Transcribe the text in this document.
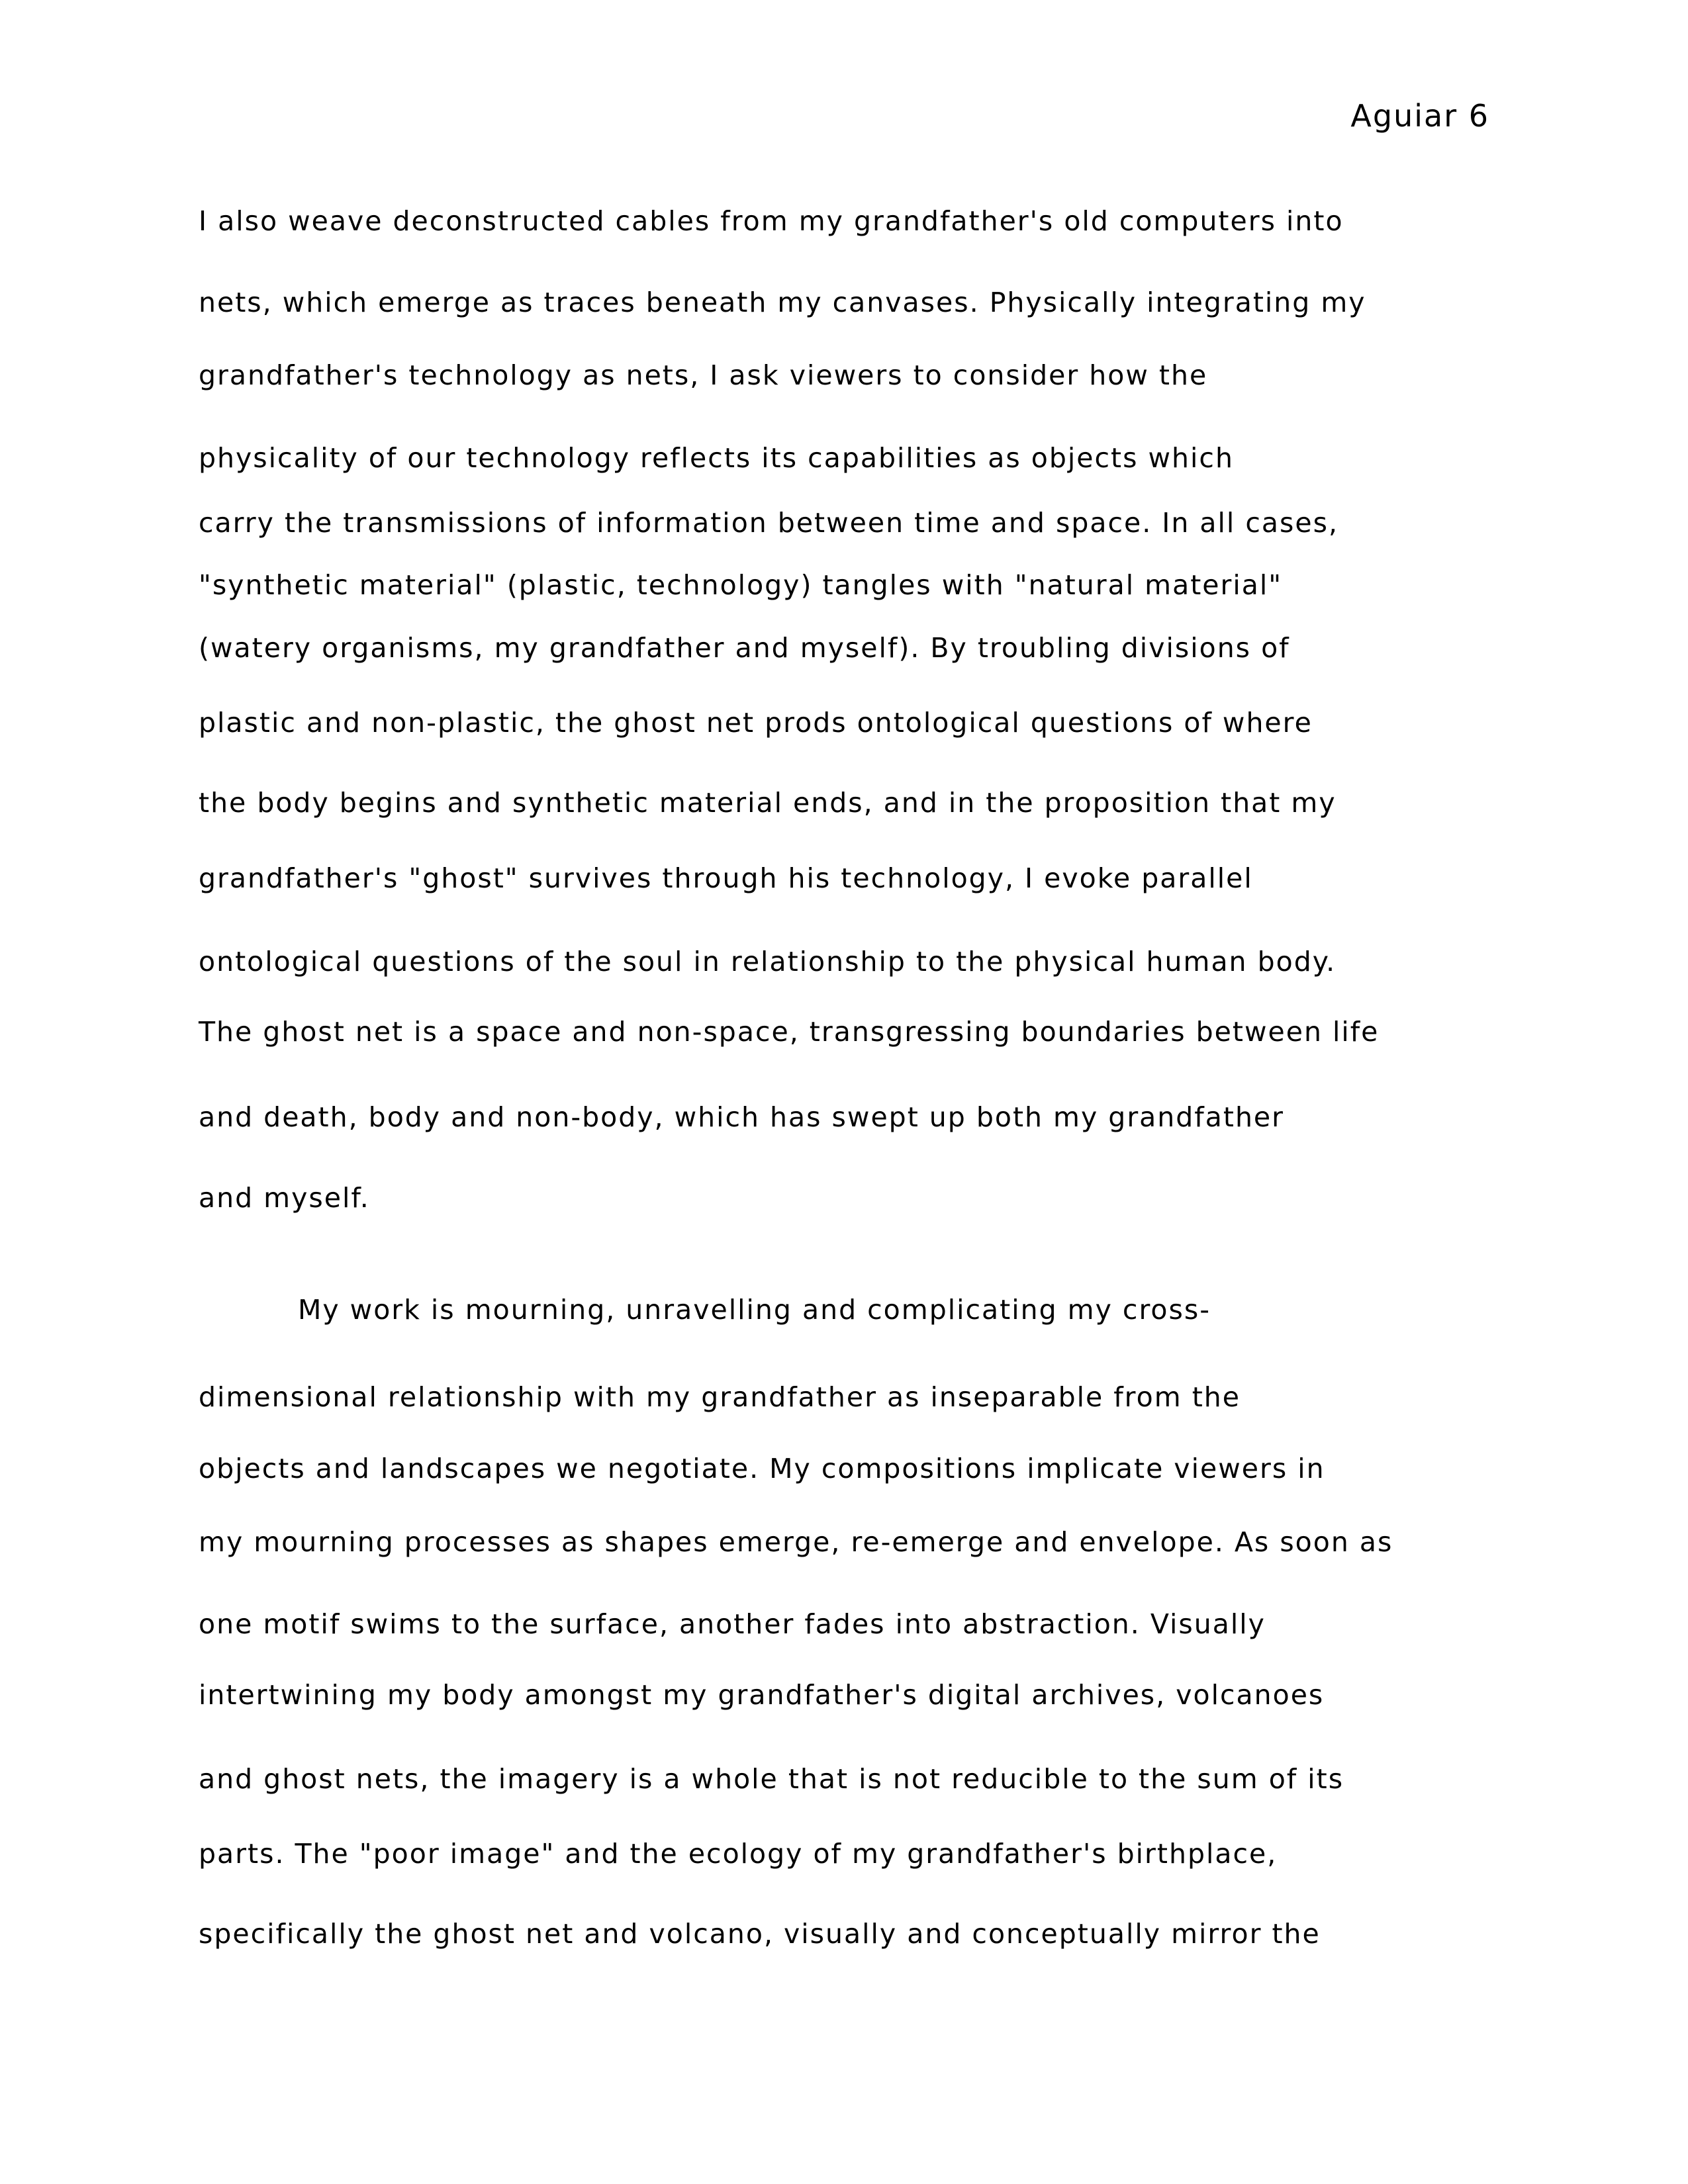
Aguiar 6
I also weave deconstructed cables from my grandfather's old computers into
nets, which emerge as traces beneath my canvases. Physically integrating my
grandfather's technology as nets, I ask viewers to consider how the
physicality of our technology reflects its capabilities as objects which
carry the transmissions of information between time and space. In all cases,
"synthetic material" (plastic, technology) tangles with "natural material"
(watery organisms, my grandfather and myself). By troubling divisions of
plastic and non-plastic, the ghost net prods ontological questions of where
the body begins and synthetic material ends, and in the proposition that my
grandfather's "ghost" survives through his technology, I evoke parallel
ontological questions of the soul in relationship to the physical human body.
The ghost net is a space and non-space, transgressing boundaries between life
and death, body and non-body, which has swept up both my grandfather
and myself.
My work is mourning, unravelling and complicating my cross-
dimensional relationship with my grandfather as inseparable from the
objects and landscapes we negotiate. My compositions implicate viewers in
my mourning processes as shapes emerge, re-emerge and envelope. As soon as
one motif swims to the surface, another fades into abstraction. Visually
intertwining my body amongst my grandfather's digital archives, volcanoes
and ghost nets, the imagery is a whole that is not reducible to the sum of its
parts. The "poor image" and the ecology of my grandfather's birthplace,
specifically the ghost net and volcano, visually and conceptually mirror the
